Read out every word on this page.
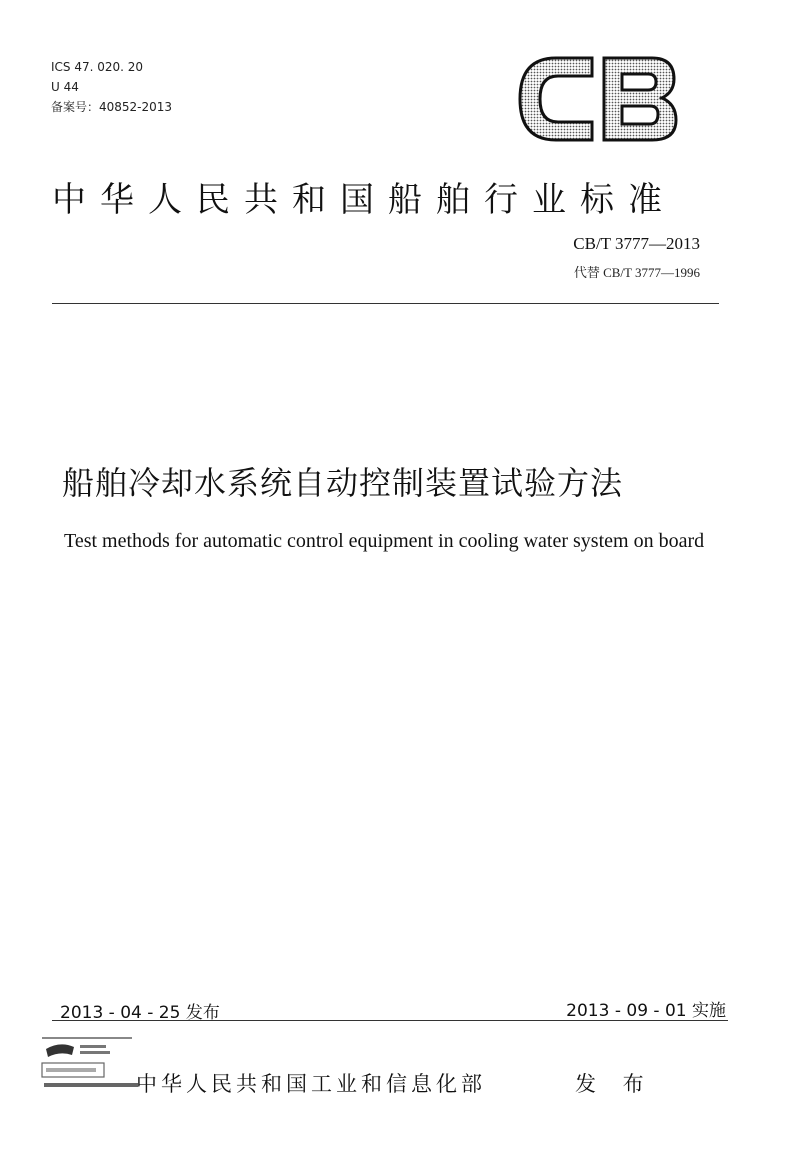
ICS 47. 020. 20
U 44
备案号：40852-2013
中华人民共和国船舶行业标准
CB/T 3777—2013
代替 CB/T 3777—1996
船舶冷却水系统自动控制装置试验方法
Test methods for automatic control equipment in cooling water system on board
2013 - 04 - 25 发布	2013 - 09 - 01 实施
中华人民共和国工业和信息化部	发 布
